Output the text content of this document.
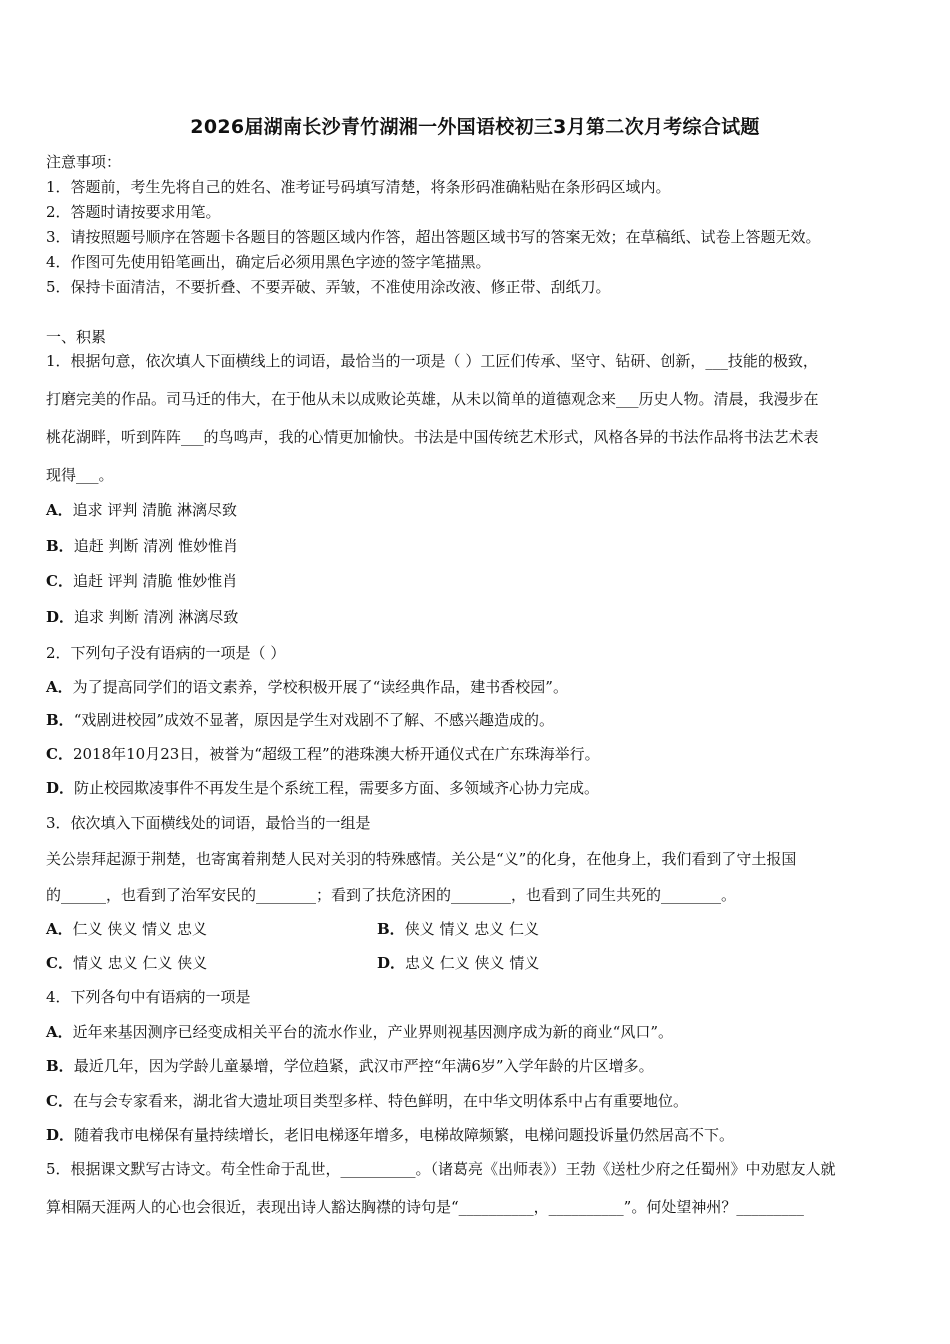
2026届湖南长沙青竹湖湘一外国语校初三3月第二次月考综合试题
注意事项：
1．答题前，考生先将自己的姓名、准考证号码填写清楚，将条形码准确粘贴在条形码区域内。
2．答题时请按要求用笔。
3．请按照题号顺序在答题卡各题目的答题区域内作答，超出答题区域书写的答案无效；在草稿纸、试卷上答题无效。
4．作图可先使用铅笔画出，确定后必须用黑色字迹的签字笔描黑。
5．保持卡面清洁，不要折叠、不要弄破、弄皱，不准使用涂改液、修正带、刮纸刀。
一、积累
1．根据句意，依次填人下面横线上的词语，最恰当的一项是（ ）工匠们传承、坚守、钻研、创新，___技能的极致，
打磨完美的作品。司马迁的伟大，在于他从未以成败论英雄，从未以简单的道德观念来___历史人物。清晨，我漫步在
桃花湖畔，听到阵阵___的鸟鸣声，我的心情更加愉快。书法是中国传统艺术形式，风格各异的书法作品将书法艺术表
现得___。
A．追求 评判 清脆 淋漓尽致
B．追赶 判断 清冽 惟妙惟肖
C．追赶 评判 清脆 惟妙惟肖
D．追求 判断 清冽 淋漓尽致
2．下列句子没有语病的一项是（ ）
A．为了提高同学们的语文素养，学校积极开展了“读经典作品，建书香校园”。
B．“戏剧进校园”成效不显著，原因是学生对戏剧不了解、不感兴趣造成的。
C．2018年10月23日，被誉为“超级工程”的港珠澳大桥开通仪式在广东珠海举行。
D．防止校园欺凌事件不再发生是个系统工程，需要多方面、多领域齐心协力完成。
3．依次填入下面横线处的词语，最恰当的一组是
关公崇拜起源于荆楚，也寄寓着荆楚人民对关羽的特殊感情。关公是“义”的化身，在他身上，我们看到了守土报国
的______，也看到了治军安民的________；看到了扶危济困的________，也看到了同生共死的________。
A．仁义 侠义 情义 忠义	B．侠义 情义 忠义 仁义
C．情义 忠义 仁义 侠义	D．忠义 仁义 侠义 情义
4．下列各句中有语病的一项是
A．近年来基因测序已经变成相关平台的流水作业，产业界则视基因测序成为新的商业“风口”。
B．最近几年，因为学龄儿童暴增，学位趋紧，武汉市严控“年满6岁”入学年龄的片区增多。
C．在与会专家看来，湖北省大遗址项目类型多样、特色鲜明，在中华文明体系中占有重要地位。
D．随着我市电梯保有量持续增长，老旧电梯逐年增多，电梯故障频繁，电梯问题投诉量仍然居高不下。
5．根据课文默写古诗文。苟全性命于乱世，__________。（诸葛亮《出师表》）王勃《送杜少府之任蜀州》中劝慰友人就
算相隔天涯两人的心也会很近，表现出诗人豁达胸襟的诗句是“__________，__________”。何处望神州？_________
